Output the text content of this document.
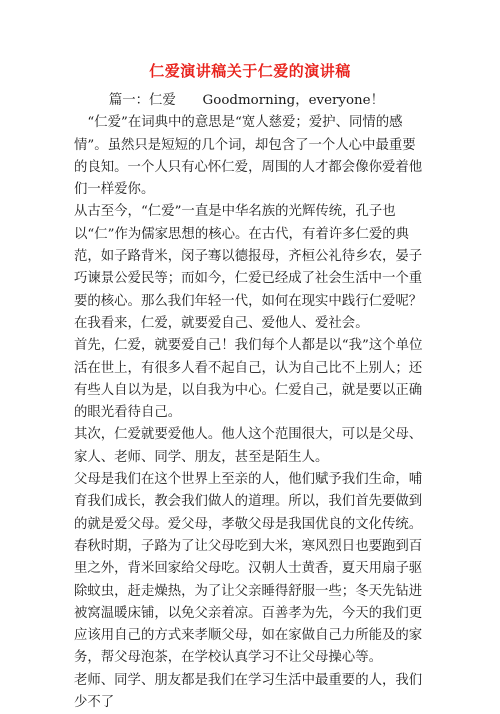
仁爱演讲稿关于仁爱的演讲稿

篇一：仁爱　　Goodmorning，everyone！

“仁爱”在词典中的意思是“宽人慈爱；爱护、同情的感情”。虽然只是短短的几个词，却包含了一个人心中最重要的良知。一个人只有心怀仁爱，周围的人才都会像你爱着他们一样爱你。

从古至今，“仁爱”一直是中华名族的光辉传统，孔子也以“仁”作为儒家思想的核心。在古代，有着许多仁爱的典范，如子路背米，闵子骞以德报母，齐桓公礼待乡农，晏子巧谏景公爱民等；而如今，仁爱已经成了社会生活中一个重要的核心。那么我们年轻一代，如何在现实中践行仁爱呢？

在我看来，仁爱，就要爱自己、爱他人、爱社会。

首先，仁爱，就要爱自己！我们每个人都是以“我”这个单位活在世上，有很多人看不起自己，认为自己比不上别人；还有些人自以为是，以自我为中心。仁爱自己，就是要以正确的眼光看待自己。

其次，仁爱就要爱他人。他人这个范围很大，可以是父母、家人、老师、同学、朋友，甚至是陌生人。

父母是我们在这个世界上至亲的人，他们赋予我们生命，哺育我们成长，教会我们做人的道理。所以，我们首先要做到的就是爱父母。爱父母，孝敬父母是我国优良的文化传统。春秋时期，子路为了让父母吃到大米，寒风烈日也要跑到百里之外，背米回家给父母吃。汉朝人士黄香，夏天用扇子驱除蚊虫，赶走燥热，为了让父亲睡得舒服一些；冬天先钻进被窝温暖床铺，以免父亲着凉。百善孝为先，今天的我们更应该用自己的方式来孝顺父母，如在家做自己力所能及的家务，帮父母泡茶，在学校认真学习不让父母操心等。

老师、同学、朋友都是我们在学习生活中最重要的人，我们少不了
